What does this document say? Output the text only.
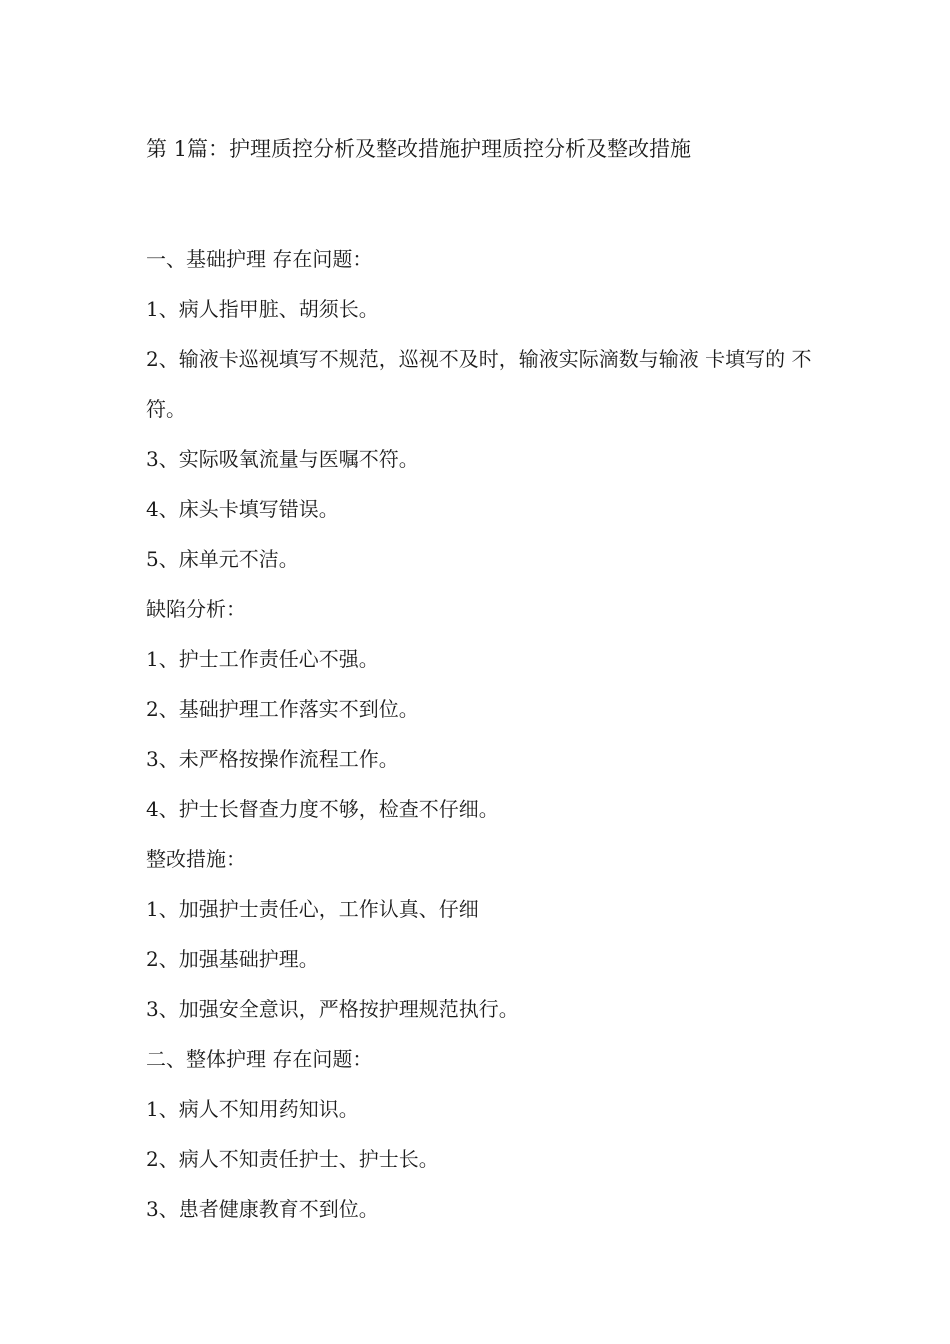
第 1篇：护理质控分析及整改措施护理质控分析及整改措施

一、基础护理 存在问题：

1、病人指甲脏、胡须长。

2、输液卡巡视填写不规范，巡视不及时，输液实际滴数与输液 卡填写的 不符。

3、实际吸氧流量与医嘱不符。

4、床头卡填写错误。

5、床单元不洁。

缺陷分析：

1、护士工作责任心不强。

2、基础护理工作落实不到位。

3、未严格按操作流程工作。

4、护士长督查力度不够，检查不仔细。

整改措施：

1、加强护士责任心，工作认真、仔细

2、加强基础护理。

3、加强安全意识，严格按护理规范执行。

二、整体护理 存在问题：

1、病人不知用药知识。

2、病人不知责任护士、护士长。

3、患者健康教育不到位。
